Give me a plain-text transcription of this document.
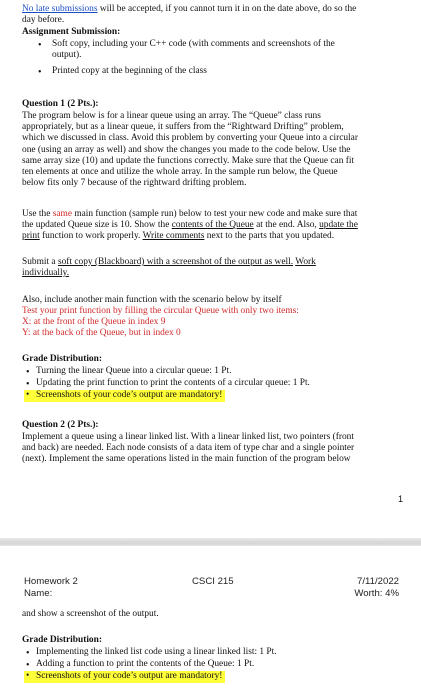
No late submissions will be accepted, if you cannot turn it in on the date above, do so the
day before.
Assignment Submission:
• Soft copy, including your C++ code (with comments and screenshots of the
output).
• Printed copy at the beginning of the class
Question 1 (2 Pts.):
The program below is for a linear queue using an array. The “Queue” class runs
appropriately, but as a linear queue, it suffers from the “Rightward Drifting” problem,
which we discussed in class. Avoid this problem by converting your Queue into a circular
one (using an array as well) and show the changes you made to the code below. Use the
same array size (10) and update the functions correctly. Make sure that the Queue can fit
ten elements at once and utilize the whole array. In the sample run below, the Queue
below fits only 7 because of the rightward drifting problem.
Use the same main function (sample run) below to test your new code and make sure that
the updated Queue size is 10. Show the contents of the Queue at the end. Also, update the
print function to work properly. Write comments next to the parts that you updated.
Submit a soft copy (Blackboard) with a screenshot of the output as well. Work
individually.
Also, include another main function with the scenario below by itself
Test your print function by filling the circular Queue with only two items:
X: at the front of the Queue in index 9
Y: at the back of the Queue, but in index 0
Grade Distribution:
• Turning the linear Queue into a circular queue: 1 Pt.
• Updating the print function to print the contents of a circular queue: 1 Pt.
• Screenshots of your code’s output are mandatory!
Question 2 (2 Pts.):
Implement a queue using a linear linked list. With a linear linked list, two pointers (front
and back) are needed. Each node consists of a data item of type char and a single pointer
(next). Implement the same operations listed in the main function of the program below
1
Homework 2
Name:
CSCI 215	7/11/2022
Worth: 4%
and show a screenshot of the output.
Grade Distribution:
• Implementing the linked list code using a linear linked list: 1 Pt.
• Adding a function to print the contents of the Queue: 1 Pt.
• Screenshots of your code’s output are mandatory!
